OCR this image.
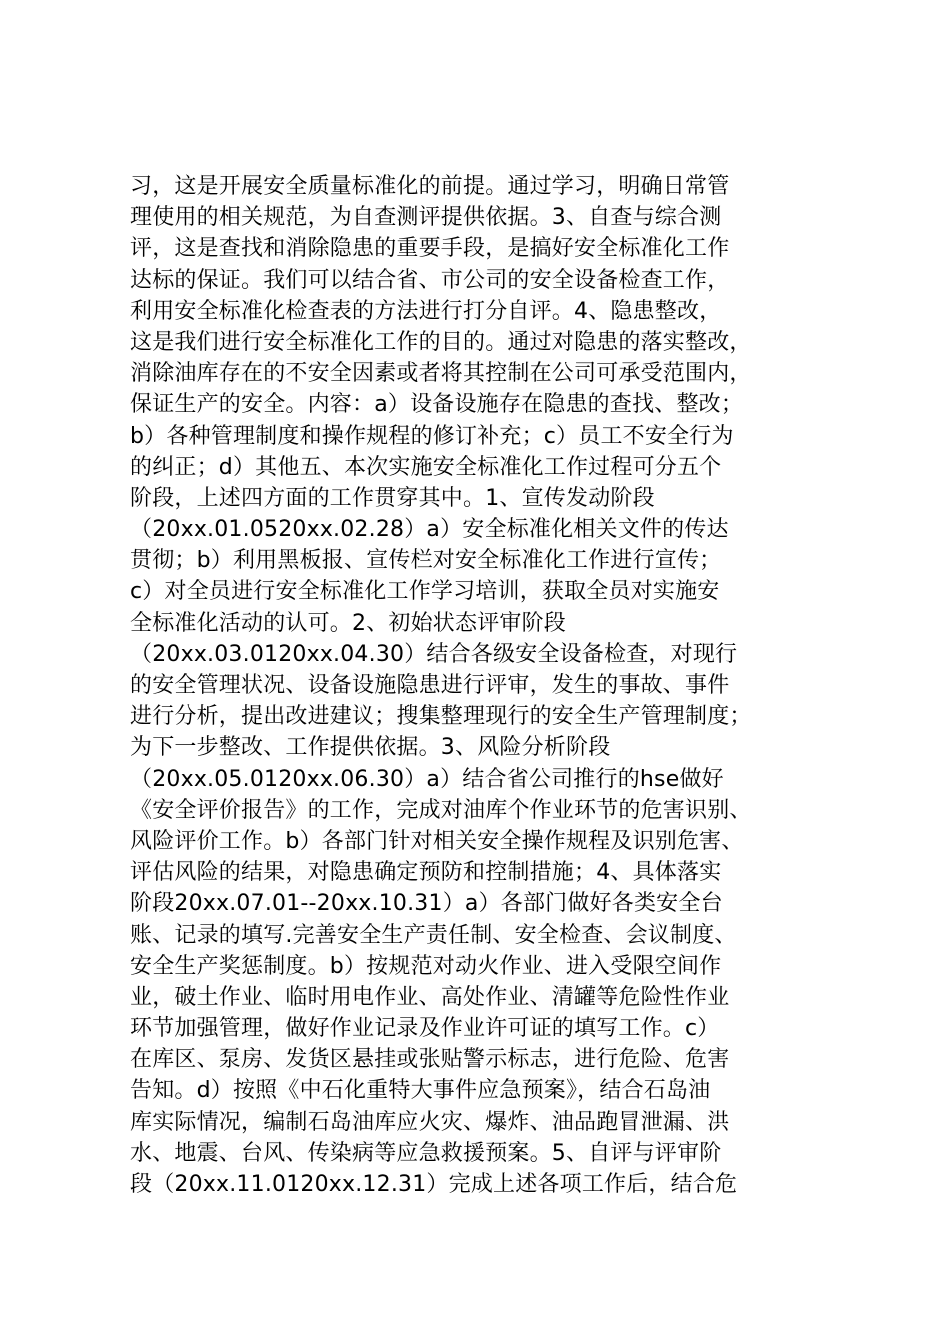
习，这是开展安全质量标准化的前提。通过学习，明确日常管
理使用的相关规范，为自查测评提供依据。3、自查与综合测
评，这是查找和消除隐患的重要手段，是搞好安全标准化工作
达标的保证。我们可以结合省、市公司的安全设备检查工作，
利用安全标准化检查表的方法进行打分自评。4、隐患整改，
这是我们进行安全标准化工作的目的。通过对隐患的落实整改，
消除油库存在的不安全因素或者将其控制在公司可承受范围内，
保证生产的安全。内容：a）设备设施存在隐患的查找、整改；
b）各种管理制度和操作规程的修订补充；c）员工不安全行为
的纠正；d）其他五、本次实施安全标准化工作过程可分五个
阶段，上述四方面的工作贯穿其中。1、宣传发动阶段
（20xx.01.0520xx.02.28）a）安全标准化相关文件的传达
贯彻；b）利用黑板报、宣传栏对安全标准化工作进行宣传；
c）对全员进行安全标准化工作学习培训，获取全员对实施安
全标准化活动的认可。2、初始状态评审阶段
（20xx.03.0120xx.04.30）结合各级安全设备检查，对现行
的安全管理状况、设备设施隐患进行评审，发生的事故、事件
进行分析，提出改进建议；搜集整理现行的安全生产管理制度；
为下一步整改、工作提供依据。3、风险分析阶段
（20xx.05.0120xx.06.30）a）结合省公司推行的hse做好
《安全评价报告》的工作，完成对油库个作业环节的危害识别、
风险评价工作。b）各部门针对相关安全操作规程及识别危害、
评估风险的结果，对隐患确定预防和控制措施；4、具体落实
阶段20xx.07.01--20xx.10.31）a）各部门做好各类安全台
账、记录的填写.完善安全生产责任制、安全检查、会议制度、
安全生产奖惩制度。b）按规范对动火作业、进入受限空间作
业，破土作业、临时用电作业、高处作业、清罐等危险性作业
环节加强管理，做好作业记录及作业许可证的填写工作。c）
在库区、泵房、发货区悬挂或张贴警示标志，进行危险、危害
告知。d）按照《中石化重特大事件应急预案》，结合石岛油
库实际情况，编制石岛油库应火灾、爆炸、油品跑冒泄漏、洪
水、地震、台风、传染病等应急救援预案。5、自评与评审阶
段（20xx.11.0120xx.12.31）完成上述各项工作后，结合危
